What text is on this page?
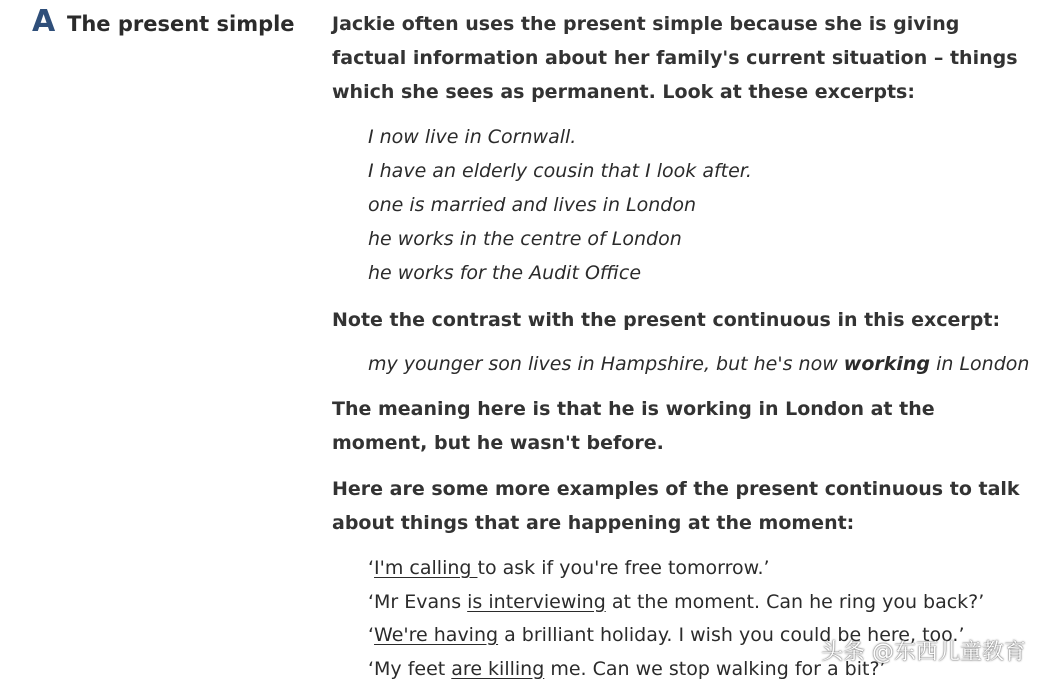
A The present simple Jackie often uses the present simple because she is giving factual information about her family's current situation – things which she sees as permanent. Look at these excerpts:

I now live in Cornwall.
I have an elderly cousin that I look after.
one is married and lives in London
he works in the centre of London
he works for the Audit Office

Note the contrast with the present continuous in this excerpt:

my younger son lives in Hampshire, but he's now working in London

The meaning here is that he is working in London at the moment, but he wasn't before.

Here are some more examples of the present continuous to talk about things that are happening at the moment:

‘I'm calling to ask if you're free tomorrow.’
‘Mr Evans is interviewing at the moment. Can he ring you back?’
‘We're having a brilliant holiday. I wish you could be here, too.’
‘My feet are killing me. Can we stop walking for a bit?’
头条 @东西儿童教育
